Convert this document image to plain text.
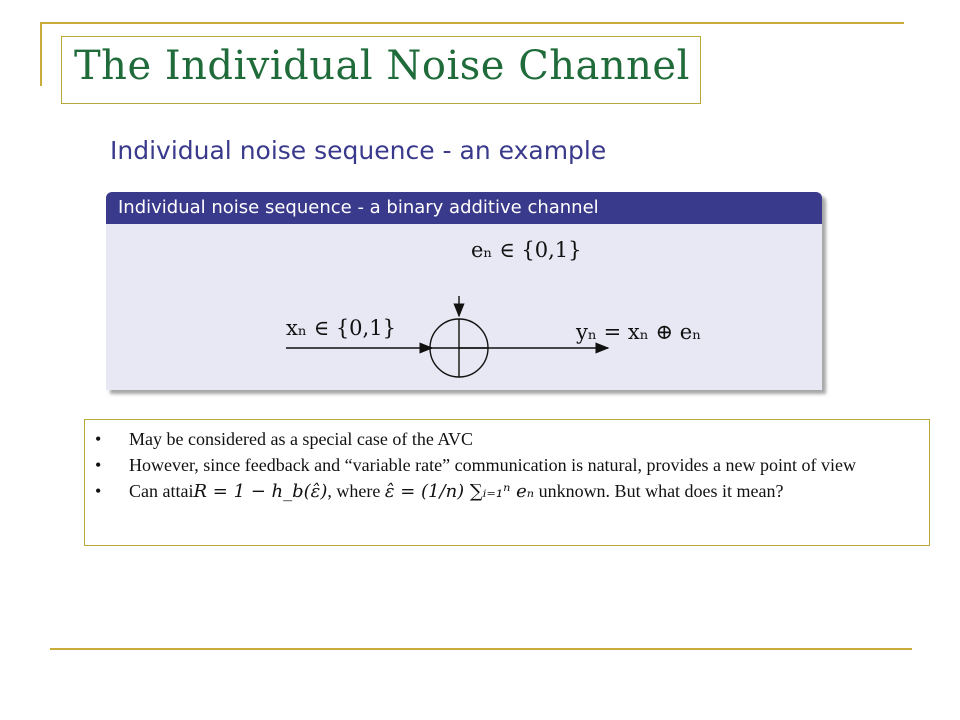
The Individual Noise Channel
Individual noise sequence - an example
Individual noise sequence - a binary additive channel
eₙ ∈ {0,1}
xₙ ∈ {0,1}	yₙ = xₙ ⊕ eₙ
• May be considered as a special case of the AVC
• However, since feedback and “variable rate” communication is natural, provides a new point of view
• Can attaiR = 1 − h_b(ε̂), where ε̂ = (1/n) ∑ᵢ₌₁ⁿ eₙ unknown. But what does it mean?
